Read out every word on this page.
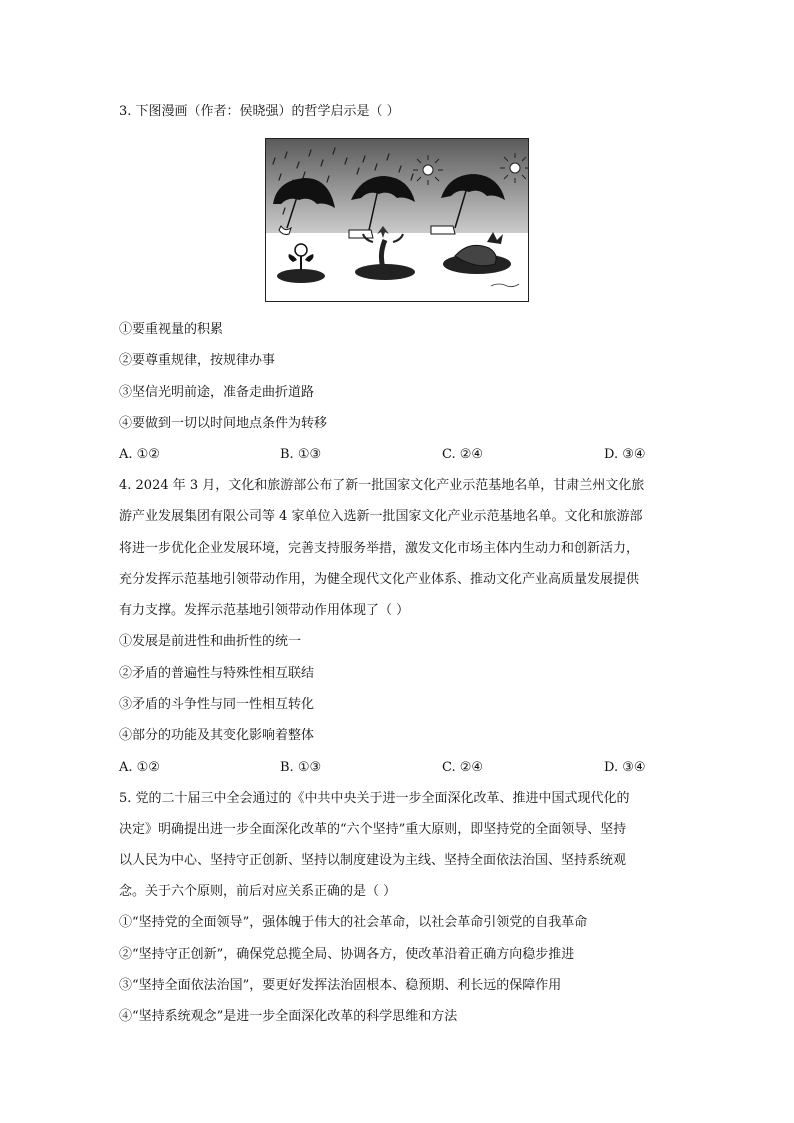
3. 下图漫画（作者：侯晓强）的哲学启示是（ ）
①要重视量的积累
②要尊重规律，按规律办事
③坚信光明前途，准备走曲折道路
④要做到一切以时间地点条件为转移
A. ①②	B. ①③	C. ②④	D. ③④
4. 2024 年 3 月，文化和旅游部公布了新一批国家文化产业示范基地名单，甘肃兰州文化旅
游产业发展集团有限公司等 4 家单位入选新一批国家文化产业示范基地名单。文化和旅游部
将进一步优化企业发展环境，完善支持服务举措，激发文化市场主体内生动力和创新活力，
充分发挥示范基地引领带动作用，为健全现代文化产业体系、推动文化产业高质量发展提供
有力支撑。发挥示范基地引领带动作用体现了（ ）
①发展是前进性和曲折性的统一
②矛盾的普遍性与特殊性相互联结
③矛盾的斗争性与同一性相互转化
④部分的功能及其变化影响着整体
A. ①②	B. ①③	C. ②④	D. ③④
5. 党的二十届三中全会通过的《中共中央关于进一步全面深化改革、推进中国式现代化的
决定》明确提出进一步全面深化改革的“六个坚持”重大原则，即坚持党的全面领导、坚持
以人民为中心、坚持守正创新、坚持以制度建设为主线、坚持全面依法治国、坚持系统观
念。关于六个原则，前后对应关系正确的是（ ）
①“坚持党的全面领导”，强体魄于伟大的社会革命，以社会革命引领党的自我革命
②“坚持守正创新”，确保党总揽全局、协调各方，使改革沿着正确方向稳步推进
③“坚持全面依法治国”，要更好发挥法治固根本、稳预期、利长远的保障作用
④“坚持系统观念”是进一步全面深化改革的科学思维和方法
